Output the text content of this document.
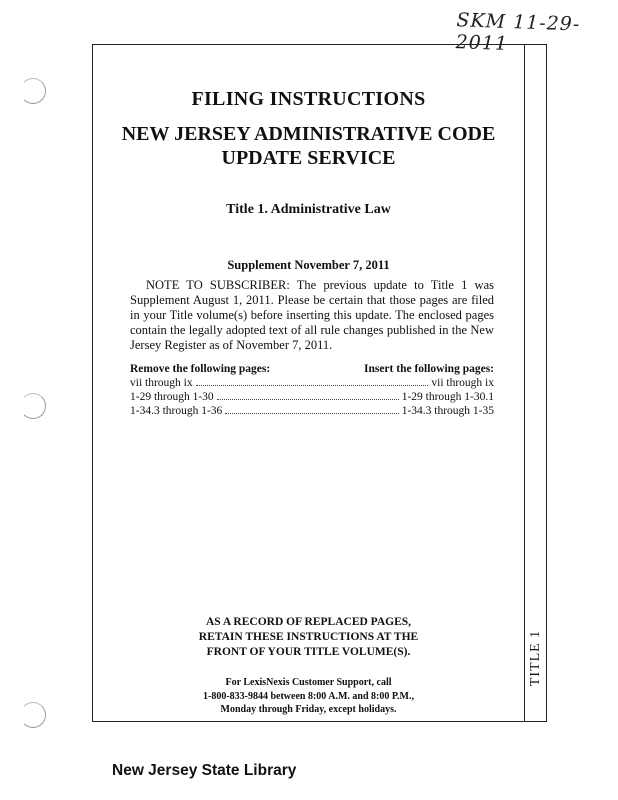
SKM 11-29-2011
TITLE 1
FILING INSTRUCTIONS
NEW JERSEY ADMINISTRATIVE CODE
UPDATE SERVICE
Title 1. Administrative Law
Supplement November 7, 2011

NOTE TO SUBSCRIBER: The previous update to Title 1 was Supplement August 1, 2011. Please be certain that those pages are filed in your Title volume(s) before inserting this update. The enclosed pages contain the legally adopted text of all rule changes published in the New Jersey Register as of November 7, 2011.

Remove the following pages:	Insert the following pages:
vii through ix	vii through ix
1-29 through 1-30	1-29 through 1-30.1
1-34.3 through 1-36	1-34.3 through 1-35
AS A RECORD OF REPLACED PAGES,
RETAIN THESE INSTRUCTIONS AT THE
FRONT OF YOUR TITLE VOLUME(S).
For LexisNexis Customer Support, call
1-800-833-9844 between 8:00 A.M. and 8:00 P.M.,
Monday through Friday, except holidays.
New Jersey State Library
